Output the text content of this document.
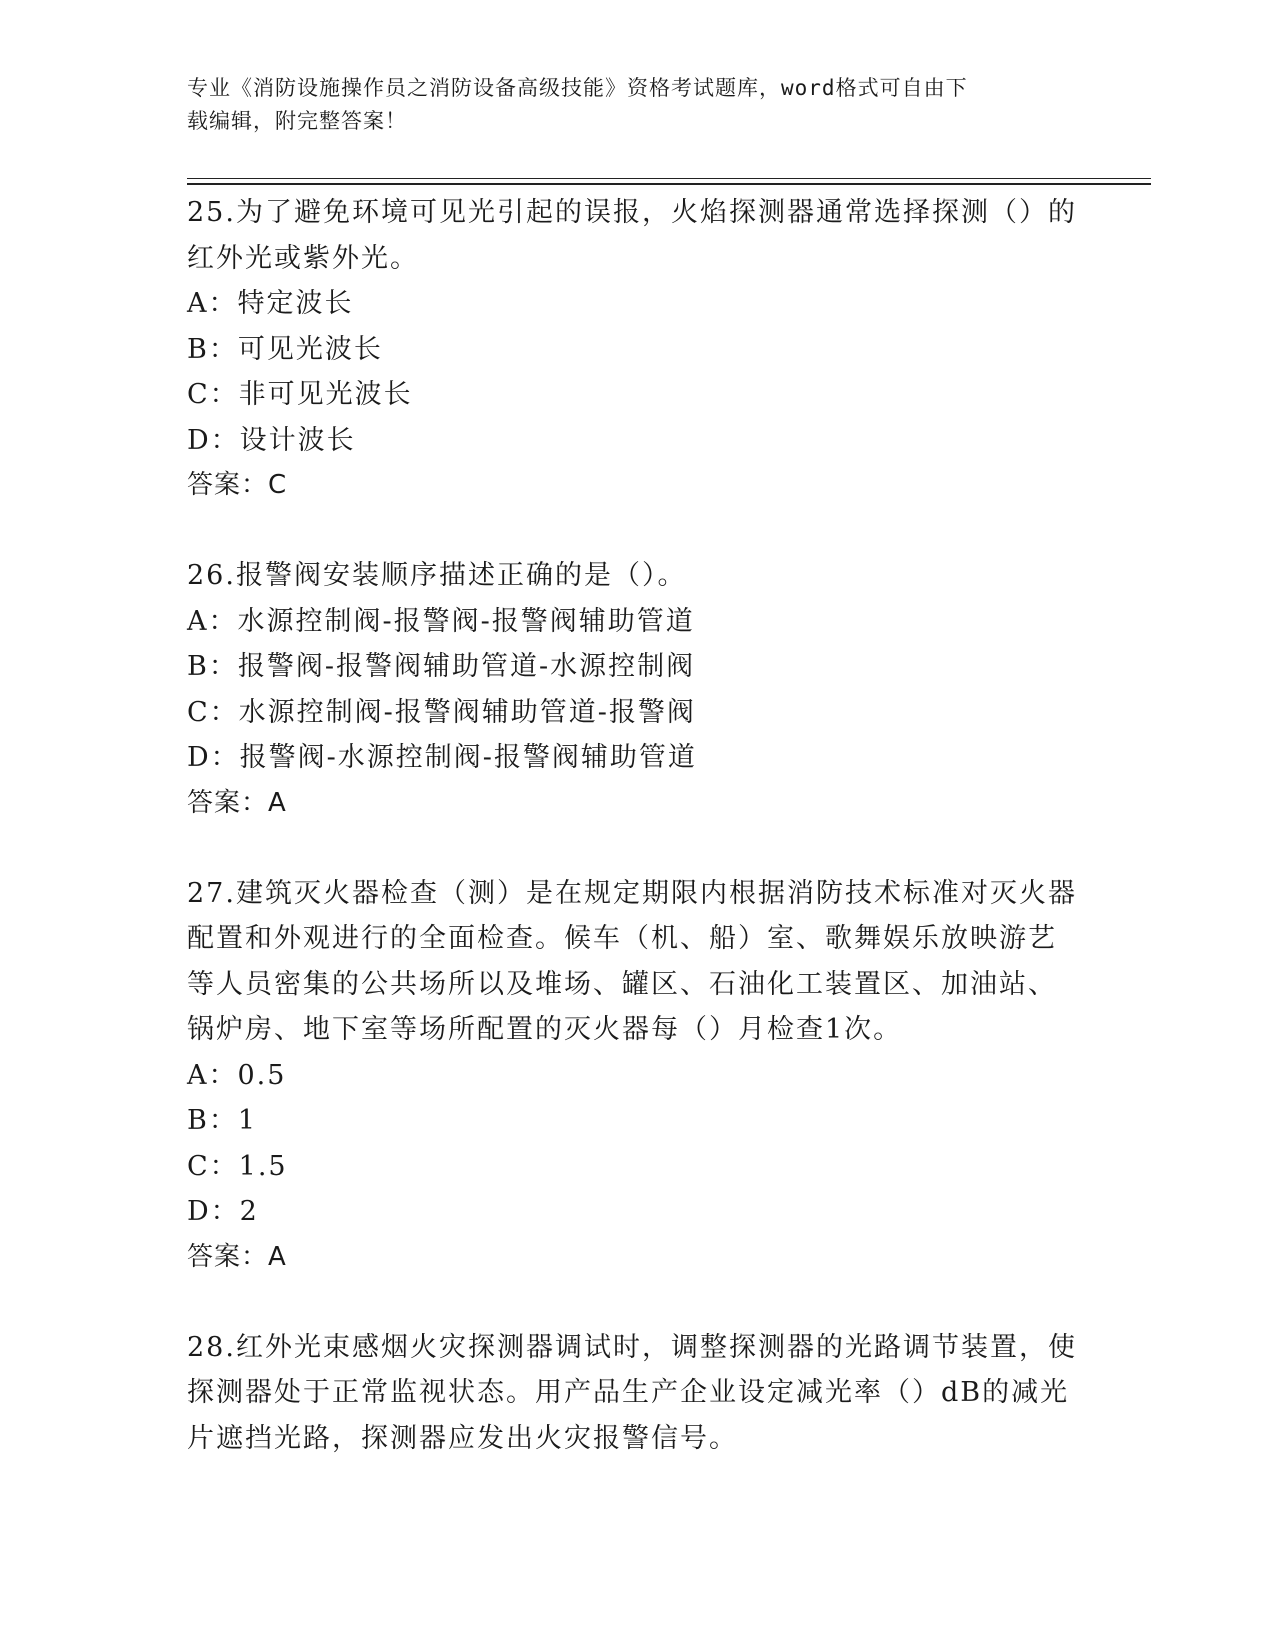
专业《消防设施操作员之消防设备高级技能》资格考试题库，word格式可自由下
载编辑，附完整答案！
25.为了避免环境可见光引起的误报，火焰探测器通常选择探测（）的
红外光或紫外光。
A：特定波长
B：可见光波长
C：非可见光波长
D：设计波长
答案：C
26.报警阀安装顺序描述正确的是（）。
A：水源控制阀-报警阀-报警阀辅助管道
B：报警阀-报警阀辅助管道-水源控制阀
C：水源控制阀-报警阀辅助管道-报警阀
D：报警阀-水源控制阀-报警阀辅助管道
答案：A
27.建筑灭火器检查（测）是在规定期限内根据消防技术标准对灭火器
配置和外观进行的全面检查。候车（机、船）室、歌舞娱乐放映游艺
等人员密集的公共场所以及堆场、罐区、石油化工装置区、加油站、
锅炉房、地下室等场所配置的灭火器每（）月检查1次。
A：0.5
B：1
C：1.5
D：2
答案：A
28.红外光束感烟火灾探测器调试时，调整探测器的光路调节装置，使
探测器处于正常监视状态。用产品生产企业设定减光率（）dB的减光
片遮挡光路，探测器应发出火灾报警信号。
